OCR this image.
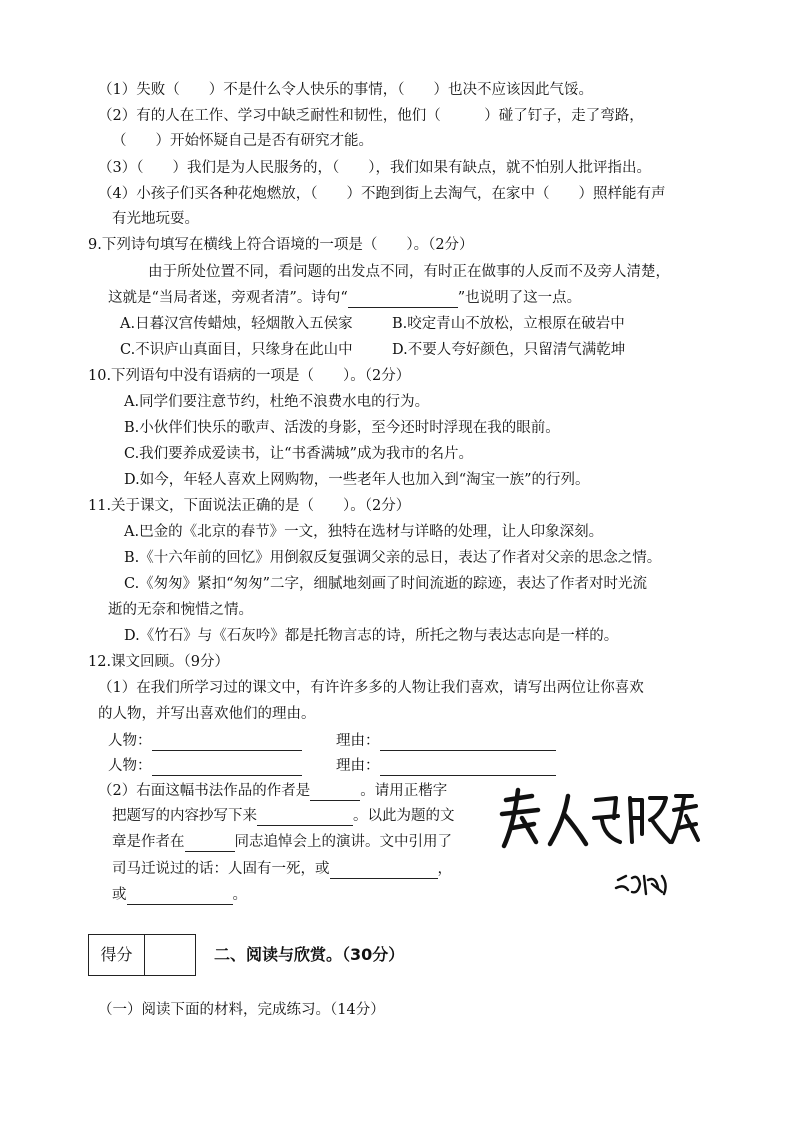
（1）失败（　　）不是什么令人快乐的事情，（　　）也决不应该因此气馁。
（2）有的人在工作、学习中缺乏耐性和韧性，他们（　　　）碰了钉子，走了弯路，
（　　）开始怀疑自己是否有研究才能。
（3）（　　）我们是为人民服务的，（　　），我们如果有缺点，就不怕别人批评指出。
（4）小孩子们买各种花炮燃放，（　　）不跑到街上去淘气，在家中（　　）照样能有声
有光地玩耍。
9.下列诗句填写在横线上符合语境的一项是（　　）。（2分）
由于所处位置不同，看问题的出发点不同，有时正在做事的人反而不及旁人清楚，
这就是“当局者迷，旁观者清”。诗句“	”也说明了这一点。
A.日暮汉宫传蜡烛，轻烟散入五侯家	B.咬定青山不放松，立根原在破岩中
C.不识庐山真面目，只缘身在此山中	D.不要人夸好颜色，只留清气满乾坤
10.下列语句中没有语病的一项是（　　）。（2分）
A.同学们要注意节约，杜绝不浪费水电的行为。
B.小伙伴们快乐的歌声、活泼的身影，至今还时时浮现在我的眼前。
C.我们要养成爱读书，让“书香满城”成为我市的名片。
D.如今，年轻人喜欢上网购物，一些老年人也加入到“淘宝一族”的行列。
11.关于课文，下面说法正确的是（　　）。（2分）
A.巴金的《北京的春节》一文，独特在选材与详略的处理，让人印象深刻。
B.《十六年前的回忆》用倒叙反复强调父亲的忌日，表达了作者对父亲的思念之情。
C.《匆匆》紧扣“匆匆”二字，细腻地刻画了时间流逝的踪迹，表达了作者对时光流
逝的无奈和惋惜之情。
D.《竹石》与《石灰吟》都是托物言志的诗，所托之物与表达志向是一样的。
12.课文回顾。（9分）
（1）在我们所学习过的课文中，有许许多多的人物让我们喜欢，请写出两位让你喜欢
的人物，并写出喜欢他们的理由。
人物：	理由：
人物：	理由：
（2）右面这幅书法作品的作者是	。请用正楷字
把题写的内容抄写下来	。以此为题的文
章是作者在	同志追悼会上的演讲。文中引用了
司马迁说过的话：人固有一死，或	，
或	。
得分	二、阅读与欣赏。（30分）
（一）阅读下面的材料，完成练习。（14分）
